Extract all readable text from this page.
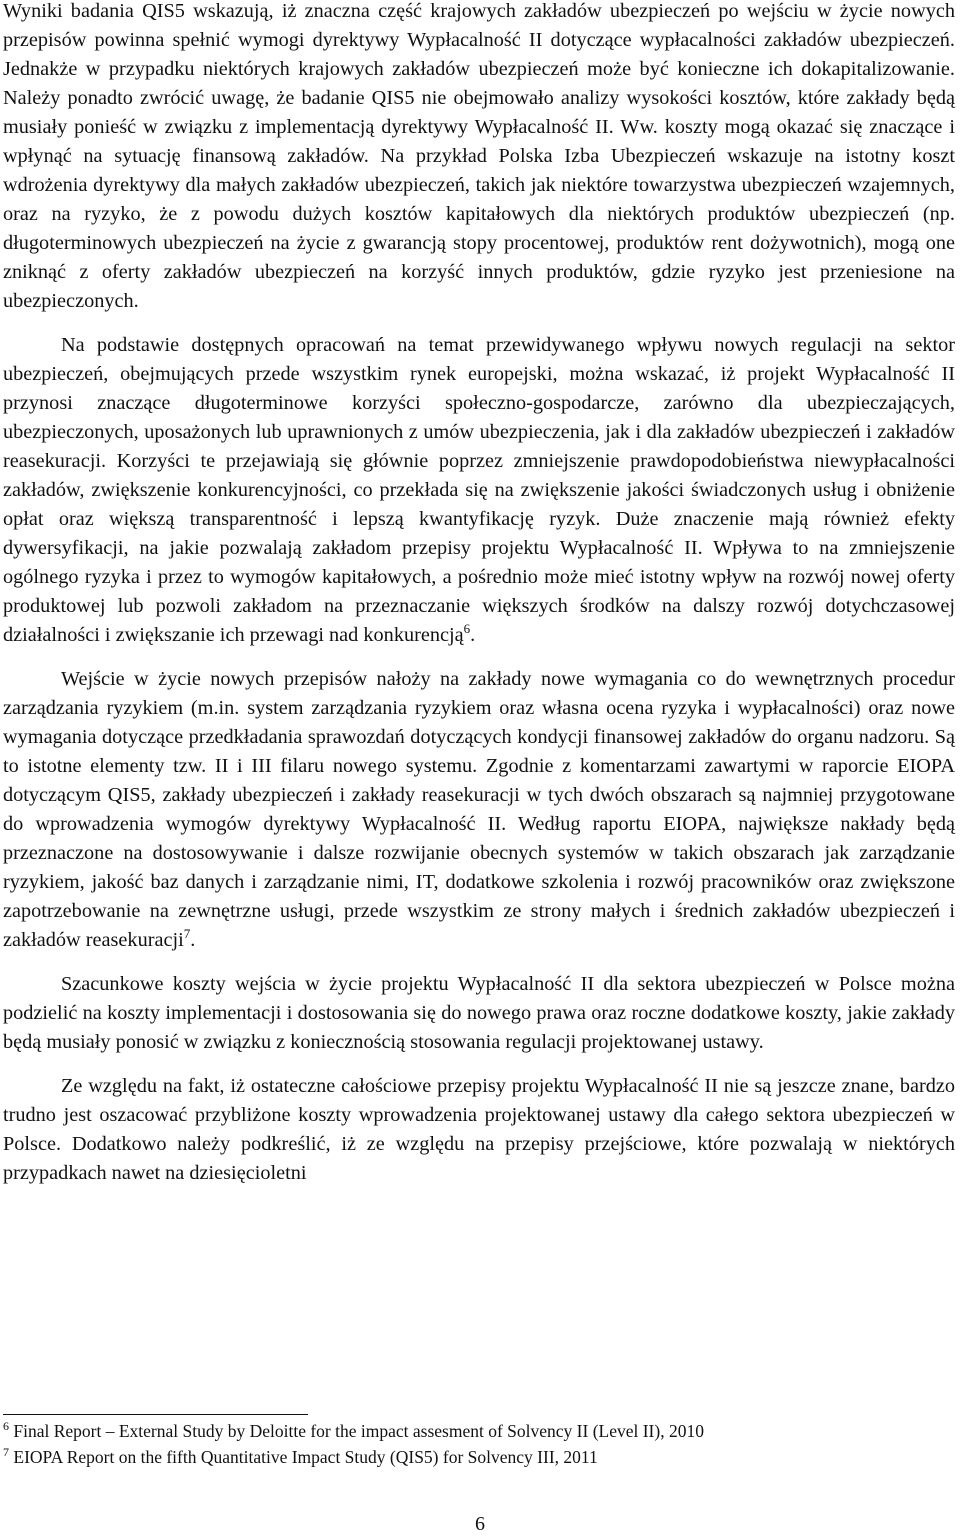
Wyniki badania QIS5 wskazują, iż znaczna część krajowych zakładów ubezpieczeń po wejściu w życie nowych przepisów powinna spełnić wymogi dyrektywy Wypłacalność II dotyczące wypłacalności zakładów ubezpieczeń. Jednakże w przypadku niektórych krajowych zakładów ubezpieczeń może być konieczne ich dokapitalizowanie. Należy ponadto zwrócić uwagę, że badanie QIS5 nie obejmowało analizy wysokości kosztów, które zakłady będą musiały ponieść w związku z implementacją dyrektywy Wypłacalność II. Ww. koszty mogą okazać się znaczące i wpłynąć na sytuację finansową zakładów. Na przykład Polska Izba Ubezpieczeń wskazuje na istotny koszt wdrożenia dyrektywy dla małych zakładów ubezpieczeń, takich jak niektóre towarzystwa ubezpieczeń wzajemnych, oraz na ryzyko, że z powodu dużych kosztów kapitałowych dla niektórych produktów ubezpieczeń (np. długoterminowych ubezpieczeń na życie z gwarancją stopy procentowej, produktów rent dożywotnich), mogą one zniknąć z oferty zakładów ubezpieczeń na korzyść innych produktów, gdzie ryzyko jest przeniesione na ubezpieczonych.

Na podstawie dostępnych opracowań na temat przewidywanego wpływu nowych regulacji na sektor ubezpieczeń, obejmujących przede wszystkim rynek europejski, można wskazać, iż projekt Wypłacalność II przynosi znaczące długoterminowe korzyści społeczno-gospodarcze, zarówno dla ubezpieczających, ubezpieczonych, uposażonych lub uprawnionych z umów ubezpieczenia, jak i dla zakładów ubezpieczeń i zakładów reasekuracji. Korzyści te przejawiają się głównie poprzez zmniejszenie prawdopodobieństwa niewypłacalności zakładów, zwiększenie konkurencyjności, co przekłada się na zwiększenie jakości świadczonych usług i obniżenie opłat oraz większą transparentność i lepszą kwantyfikację ryzyk. Duże znaczenie mają również efekty dywersyfikacji, na jakie pozwalają zakładom przepisy projektu Wypłacalność II. Wpływa to na zmniejszenie ogólnego ryzyka i przez to wymogów kapitałowych, a pośrednio może mieć istotny wpływ na rozwój nowej oferty produktowej lub pozwoli zakładom na przeznaczanie większych środków na dalszy rozwój dotychczasowej działalności i zwiększanie ich przewagi nad konkurencją$^6$.

Wejście w życie nowych przepisów nałoży na zakłady nowe wymagania co do wewnętrznych procedur zarządzania ryzykiem (m.in. system zarządzania ryzykiem oraz własna ocena ryzyka i wypłacalności) oraz nowe wymagania dotyczące przedkładania sprawozdań dotyczących kondycji finansowej zakładów do organu nadzoru. Są to istotne elementy tzw. II i III filaru nowego systemu. Zgodnie z komentarzami zawartymi w raporcie EIOPA dotyczącym QIS5, zakłady ubezpieczeń i zakłady reasekuracji w tych dwóch obszarach są najmniej przygotowane do wprowadzenia wymogów dyrektywy Wypłacalność II. Według raportu EIOPA, największe nakłady będą przeznaczone na dostosowywanie i dalsze rozwijanie obecnych systemów w takich obszarach jak zarządzanie ryzykiem, jakość baz danych i zarządzanie nimi, IT, dodatkowe szkolenia i rozwój pracowników oraz zwiększone zapotrzebowanie na zewnętrzne usługi, przede wszystkim ze strony małych i średnich zakładów ubezpieczeń i zakładów reasekuracji$^7$.

Szacunkowe koszty wejścia w życie projektu Wypłacalność II dla sektora ubezpieczeń w Polsce można podzielić na koszty implementacji i dostosowania się do nowego prawa oraz roczne dodatkowe koszty, jakie zakłady będą musiały ponosić w związku z koniecznością stosowania regulacji projektowanej ustawy.

Ze względu na fakt, iż ostateczne całościowe przepisy projektu Wypłacalność II nie są jeszcze znane, bardzo trudno jest oszacować przybliżone koszty wprowadzenia projektowanej ustawy dla całego sektora ubezpieczeń w Polsce. Dodatkowo należy podkreślić, iż ze względu na przepisy przejściowe, które pozwalają w niektórych przypadkach nawet na dziesięcioletni

$^6$ Final Report – External Study by Deloitte for the impact assesment of Solvency II (Level II), 2010

$^7$ EIOPA Report on the fifth Quantitative Impact Study (QIS5) for Solvency III, 2011

6
